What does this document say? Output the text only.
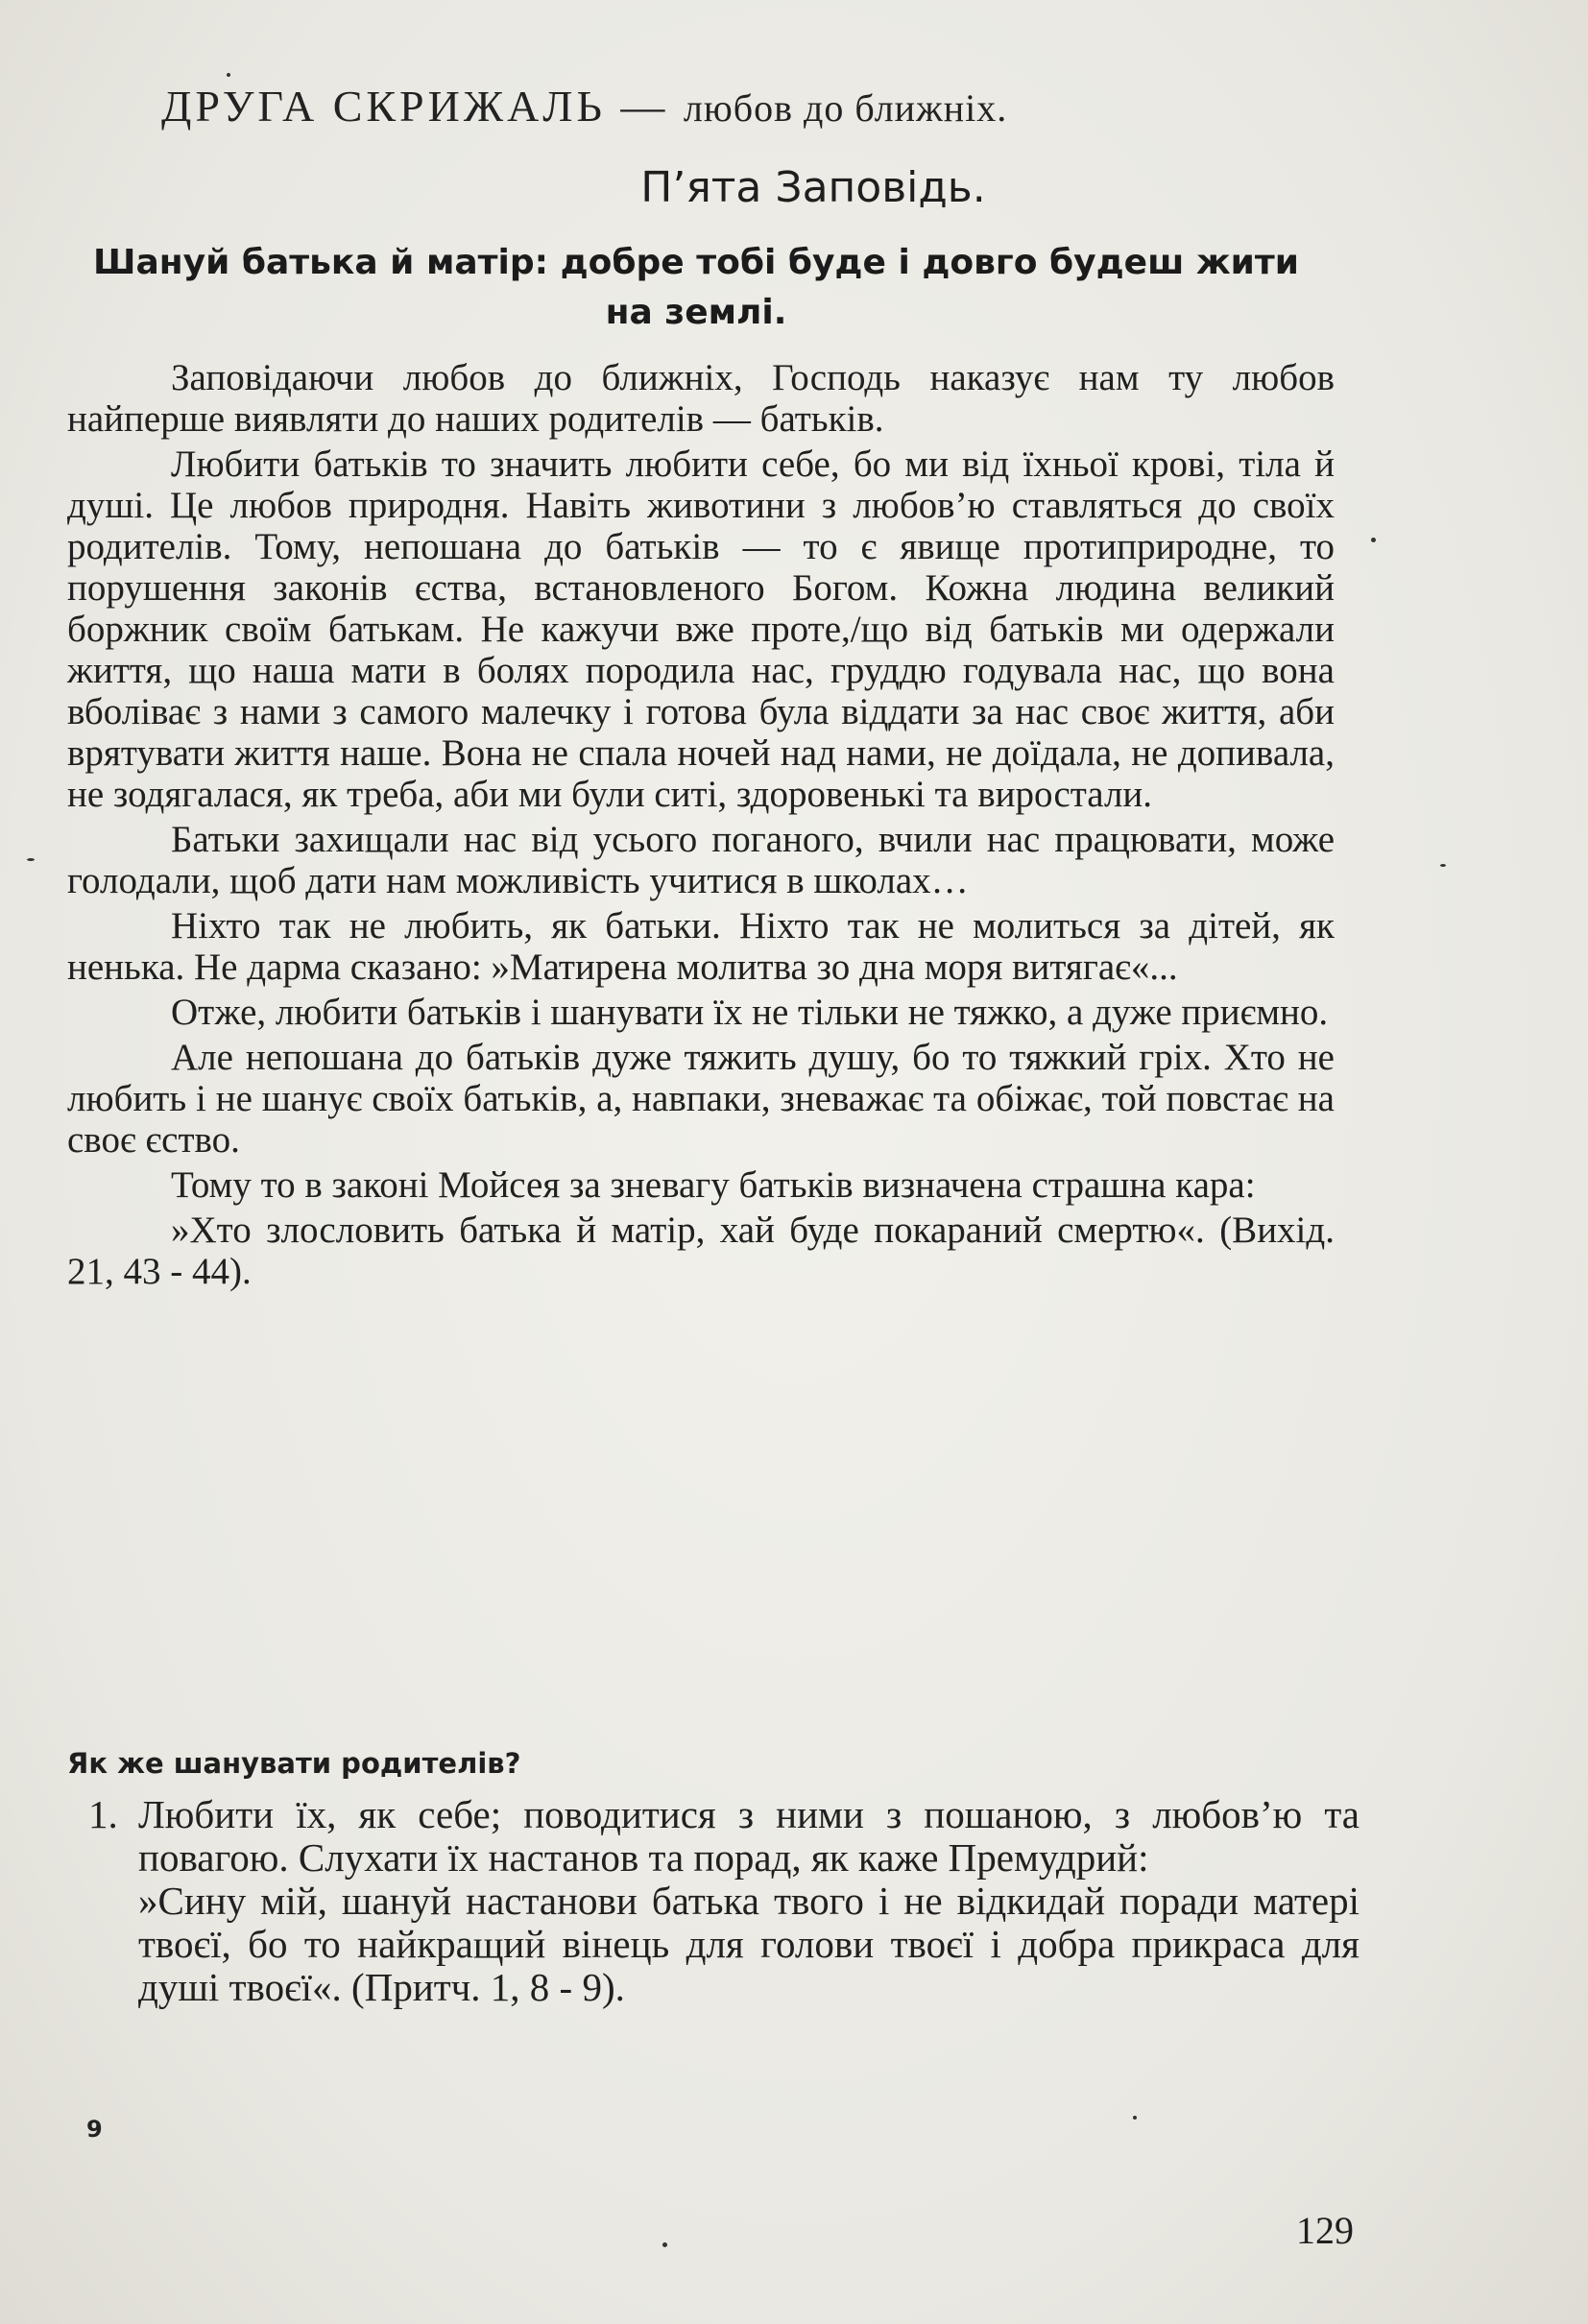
ДРУГА СКРИЖАЛЬ — любов до ближніх.
П’ята Заповідь.
Шануй батька й матір: добре тобі буде і довго будеш жити на землі.

Заповідаючи любов до ближніх, Господь наказує нам ту любов найперше виявляти до наших родителів — батьків.

Любити батьків то значить любити себе, бо ми від їхньої крові, тіла й душі. Це любов природня. Навіть животини з любов’ю ставляться до своїх родителів. Тому, непошана до батьків — то є явище протиприродне, то порушення законів єства, встановленого Богом. Кожна людина великий боржник своїм батькам. Не кажучи вже проте,/що від батьків ми одержали життя, що наша мати в болях породила нас, груддю годувала нас, що вона вболіває з нами з самого малечку і готова була віддати за нас своє життя, аби врятувати життя наше. Вона не спала ночей над нами, не доїдала, не допивала, не зодягалася, як треба, аби ми були ситі, здоровенькі та виростали.

Батьки захищали нас від усього поганого, вчили нас працювати, може голодали, щоб дати нам можливість учитися в школах…

Ніхто так не любить, як батьки. Ніхто так не молиться за дітей, як ненька. Не дарма сказано: »Матирена молитва зо дна моря витягає«...

Отже, любити батьків і шанувати їх не тільки не тяжко, а дуже приємно.

Але непошана до батьків дуже тяжить душу, бо то тяжкий гріх. Хто не любить і не шанує своїх батьків, а, навпаки, зневажає та обіжає, той повстає на своє єство.

Тому то в законі Мойсея за зневагу батьків визначена страшна кара:

»Хто злословить батька й матір, хай буде покараний смертю«. (Вихід. 21, 43 - 44).

Як же шанувати родителів?
1. Любити їх, як себе; поводитися з ними з пошаною, з любов’ю та повагою. Слухати їх настанов та порад, як каже Премудрий:

»Сину мій, шануй настанови батька твого і не відкидай поради матері твоєї, бо то найкращий вінець для голови твоєї і добра прикраса для душі твоєї«. (Притч. 1, 8 - 9).

9
129
